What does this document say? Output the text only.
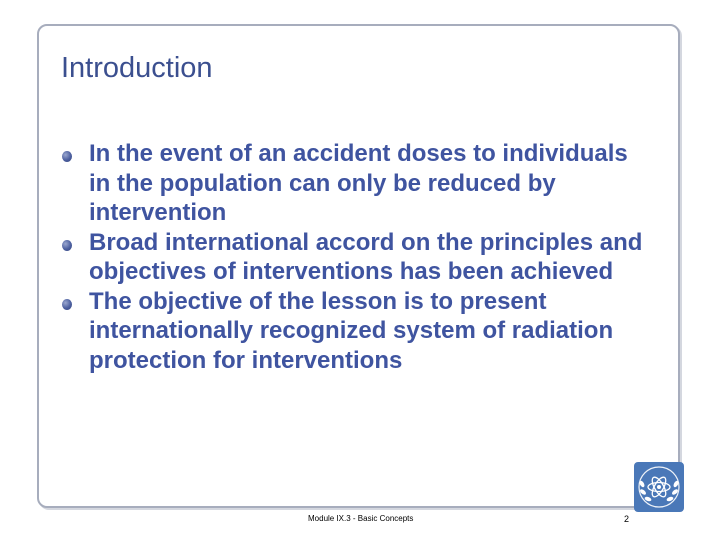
Introduction
In the event of an accident doses to individuals in the population can only be reduced by intervention
Broad international accord on the principles and objectives of interventions has been achieved
The objective of the lesson is to present internationally recognized system of radiation protection for interventions
Module IX.3 - Basic Concepts	2
